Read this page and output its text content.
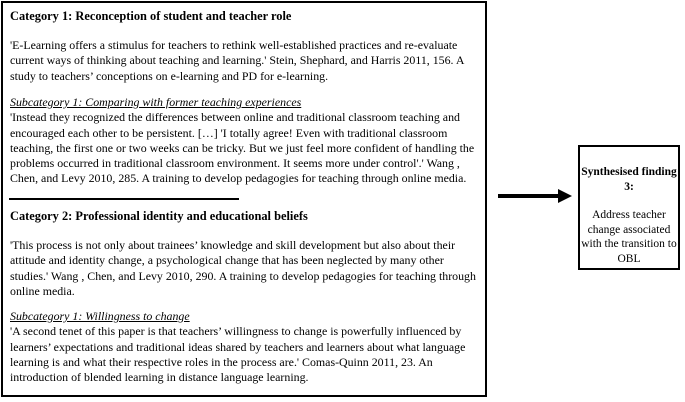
Category 1: Reconception of student and teacher role

'E-Learning offers a stimulus for teachers to rethink well-established practices and re-evaluate current ways of thinking about teaching and learning.' Stein, Shephard, and Harris 2011, 156. A study to teachers’ conceptions on e-learning and PD for e-learning.

Subcategory 1: Comparing with former teaching experiences
'Instead they recognized the differences between online and traditional classroom teaching and encouraged each other to be persistent. […] 'I totally agree! Even with traditional classroom teaching, the first one or two weeks can be tricky. But we just feel more confident of handling the problems occurred in traditional classroom environment. It seems more under control'.' Wang , Chen, and Levy 2010, 285. A training to develop pedagogies for teaching through online media.

Category 2: Professional identity and educational beliefs

'This process is not only about trainees’ knowledge and skill development but also about their attitude and identity change, a psychological change that has been neglected by many other studies.' Wang , Chen, and Levy 2010, 290. A training to develop pedagogies for teaching through online media.

Subcategory 1: Willingness to change
'A second tenet of this paper is that teachers’ willingness to change is powerfully influenced by learners’ expectations and traditional ideas shared by teachers and learners about what language learning is and what their respective roles in the process are.' Comas-Quinn 2011, 23. An introduction of blended learning in distance language learning.

Synthesised finding 3:
Address teacher change associated with the transition to OBL
